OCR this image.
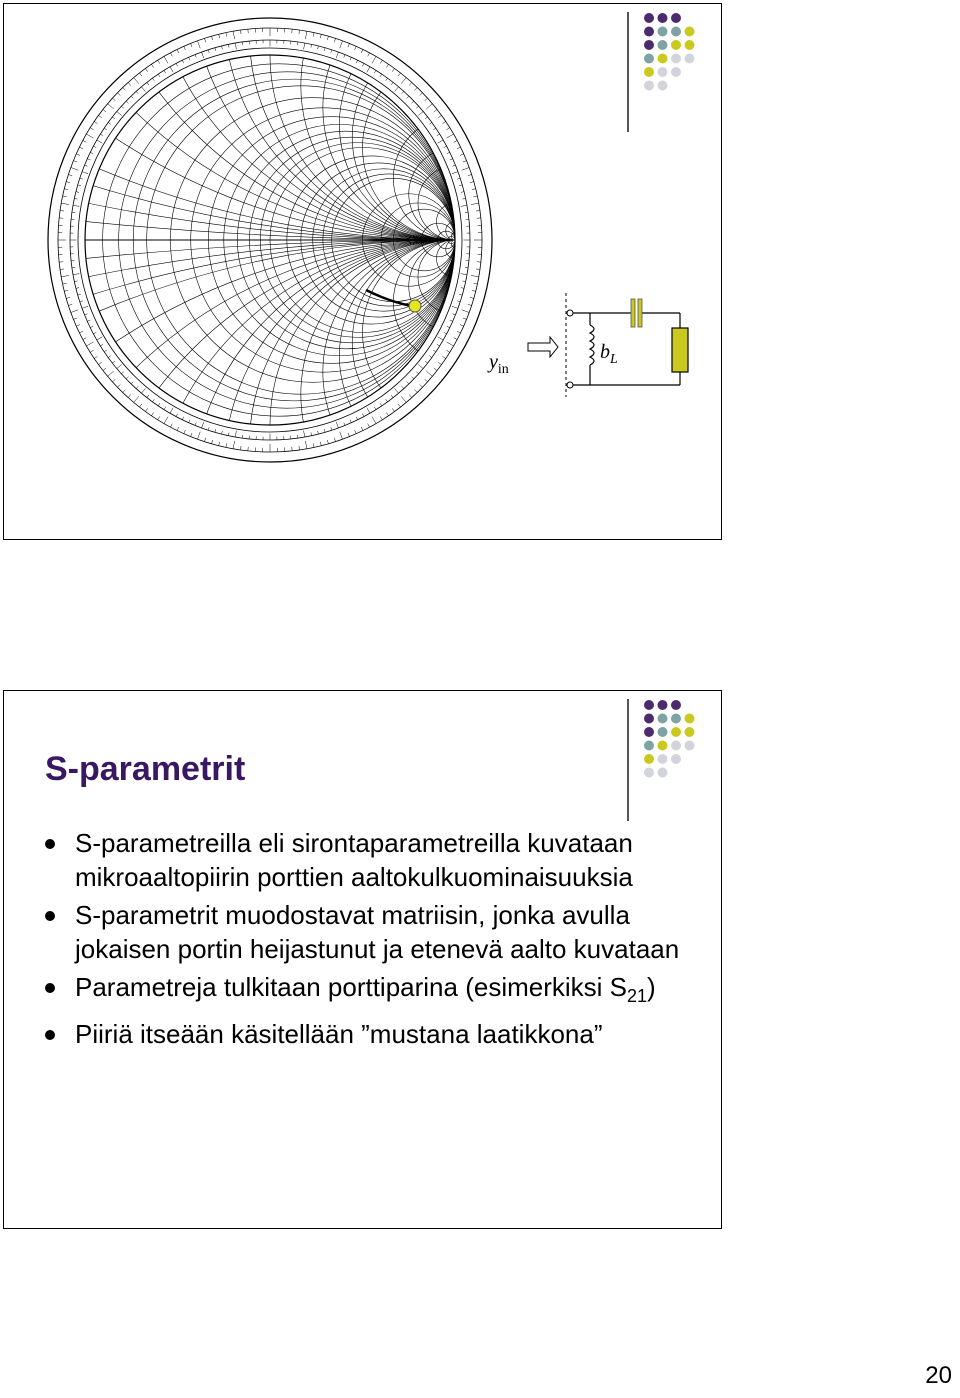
$y_{in}$
$b_L$
S-parametrit
S-parametreilla eli sirontaparametreilla kuvataan mikroaaltopiirin porttien aaltokulkuominaisuuksia
S-parametrit muodostavat matriisin, jonka avulla jokaisen portin heijastunut ja etenevä aalto kuvataan
Parametreja tulkitaan porttiparina (esimerkiksi $S_{21}$)
Piiriä itseään käsitellään ”mustana laatikkona”
20
